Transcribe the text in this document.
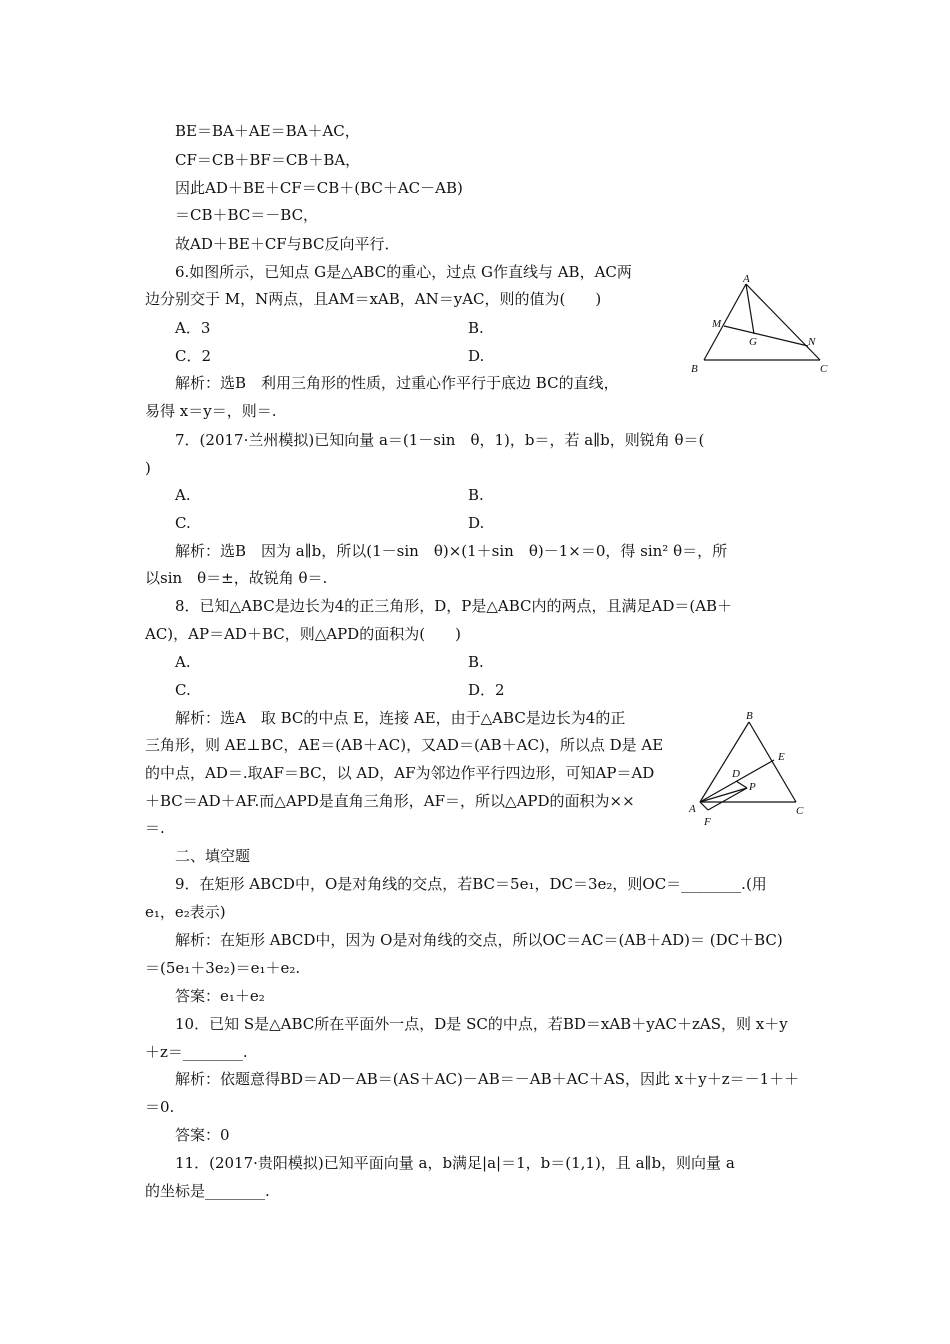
BE＝BA＋AE＝BA＋AC，
CF＝CB＋BF＝CB＋BA，
因此AD＋BE＋CF＝CB＋(BC＋AC－AB)
＝CB＋BC＝－BC，
故AD＋BE＋CF与BC反向平行．
6.如图所示，已知点 G是△ABC的重心，过点 G作直线与 AB，AC两
边分别交于 M，N两点，且AM＝xAB，AN＝yAC，则的值为(　　)
A．3	B.
C．2	D.
解析：选B　利用三角形的性质，过重心作平行于底边 BC的直线，
易得 x＝y＝，则＝.
7．(2017·兰州模拟)已知向量 a＝(1－sin　θ，1)，b＝，若 a∥b，则锐角 θ＝(
)
A.	B.
C.	D.
解析：选B　因为 a∥b，所以(1－sin　θ)×(1＋sin　θ)－1×＝0，得 sin² θ＝，所
以sin　θ＝±，故锐角 θ＝.
8．已知△ABC是边长为4的正三角形，D，P是△ABC内的两点，且满足AD＝(AB＋
AC)，AP＝AD＋BC，则△APD的面积为(　　)
A.	B.
C.	D．2
解析：选A　取 BC的中点 E，连接 AE，由于△ABC是边长为4的正
三角形，则 AE⊥BC，AE＝(AB＋AC)，又AD＝(AB＋AC)，所以点 D是 AE
的中点，AD＝.取AF＝BC，以 AD，AF为邻边作平行四边形，可知AP＝AD
＋BC＝AD＋AF.而△APD是直角三角形，AF＝，所以△APD的面积为××
＝.
二、填空题
9．在矩形 ABCD中，O是对角线的交点，若BC＝5e₁，DC＝3e₂，则OC＝________.(用
e₁，e₂表示)
解析：在矩形 ABCD中，因为 O是对角线的交点，所以OC＝AC＝(AB＋AD)＝ (DC＋BC)
＝(5e₁＋3e₂)＝e₁＋e₂.
答案：e₁＋e₂
10．已知 S是△ABC所在平面外一点，D是 SC的中点，若BD＝xAB＋yAC＋zAS，则 x＋y
＋z＝________.
解析：依题意得BD＝AD－AB＝(AS＋AC)－AB＝－AB＋AC＋AS，因此 x＋y＋z＝－1＋＋
＝0.
答案：0
11．(2017·贵阳模拟)已知平面向量 a，b满足|a|＝1，b＝(1,1)，且 a∥b，则向量 a
的坐标是________.
A
M
G	N
B	C
B
E
D
P
A
F
C
